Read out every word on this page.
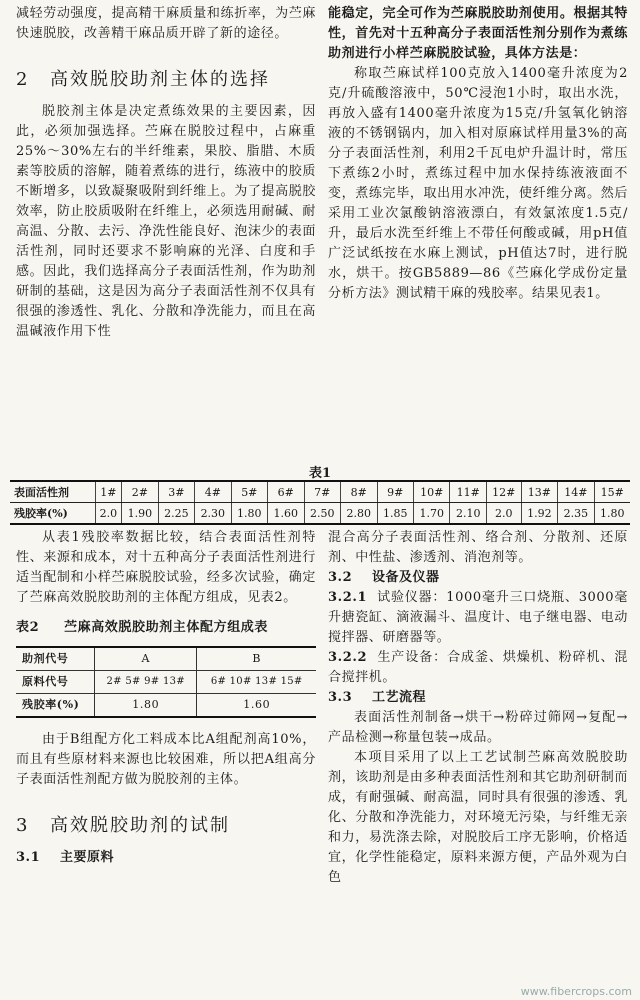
减轻劳动强度，提高精干麻质量和练折率，为苎麻快速脱胶，改善精干麻品质开辟了新的途径。

2 高效脱胶助剂主体的选择

脱胶剂主体是决定煮练效果的主要因素，因此，必须加强选择。苎麻在脱胶过程中，占麻重25%～30%左右的半纤维素，果胶、脂腊、木质素等胶质的溶解，随着煮练的进行，练液中的胶质不断增多，以致凝聚吸附到纤维上。为了提高脱胶效率，防止胶质吸附在纤维上，必须选用耐碱、耐高温、分散、去污、净洗性能良好、泡沫少的表面活性剂，同时还要求不影响麻的光泽、白度和手感。因此，我们选择高分子表面活性剂，作为助剂研制的基础，这是因为高分子表面活性剂不仅具有很强的渗透性、乳化、分散和净洗能力，而且在高温碱液作用下性

能稳定，完全可作为苎麻脱胶助剂使用。根据其特性，首先对十五种高分子表面活性剂分别作为煮练助剂进行小样苎麻脱胶试验，具体方法是：

称取苎麻试样100克放入1400毫升浓度为2克/升硫酸溶液中，50℃浸泡1小时，取出水洗，再放入盛有1400毫升浓度为15克/升氢氧化钠溶液的不锈钢锅内，加入相对原麻试样用量3%的高分子表面活性剂，利用2千瓦电炉升温计时，常压下煮练2小时，煮练过程中加水保持练液液面不变，煮练完毕，取出用水冲洗，使纤维分离。然后采用工业次氯酸钠溶液漂白，有效氯浓度1.5克/升，最后水洗至纤维上不带任何酸或碱，用pH值广泛试纸按在水麻上测试，pH值达7时，进行脱水，烘干。按GB5889—86《苎麻化学成份定量分析方法》测试精干麻的残胶率。结果见表1。

表1
表面活性剂	1#	2#	3#	4#	5#	6#	7#	8#	9#	10#	11#	12#	13#	14#	15#
残胶率(%)	2.0	1.90	2.25	2.30	1.80	1.60	2.50	2.80	1.85	1.70	2.10	2.0	1.92	2.35	1.80

从表1残胶率数据比较，结合表面活性剂特性、来源和成本，对十五种高分子表面活性剂进行适当配制和小样苎麻脱胶试验，经多次试验，确定了苎麻高效脱胶助剂的主体配方组成，见表2。

表2 苎麻高效脱胶助剂主体配方组成表
助剂代号	A	B
原料代号	2# 5# 9# 13#	6# 10# 13# 15#
残胶率(%)	1.80	1.60

由于B组配方化工料成本比A组配剂高10%，而且有些原材料来源也比较困难，所以把A组高分子表面活性剂配方做为脱胶剂的主体。

3 高效脱胶助剂的试制
3.1 主要原料

混合高分子表面活性剂、络合剂、分散剂、还原剂、中性盐、渗透剂、消泡剂等。

3.2 设备及仪器

3.2.1 试验仪器：1000毫升三口烧瓶、3000毫升搪瓷缸、滴液漏斗、温度计、电子继电器、电动搅拌器、研磨器等。

3.2.2 生产设备：合成釜、烘燥机、粉碎机、混合搅拌机。

3.3 工艺流程

表面活性剂制备→烘干→粉碎过筛网→复配→产品检测→称量包装→成品。

本项目采用了以上工艺试制苎麻高效脱胶助剂，该助剂是由多种表面活性剂和其它助剂研制而成，有耐强碱、耐高温，同时具有很强的渗透、乳化、分散和净洗能力，对环境无污染，与纤维无亲和力，易洗涤去除，对脱胶后工序无影响，价格适宜，化学性能稳定，原料来源方便，产品外观为白色

www.fibercrops.com
